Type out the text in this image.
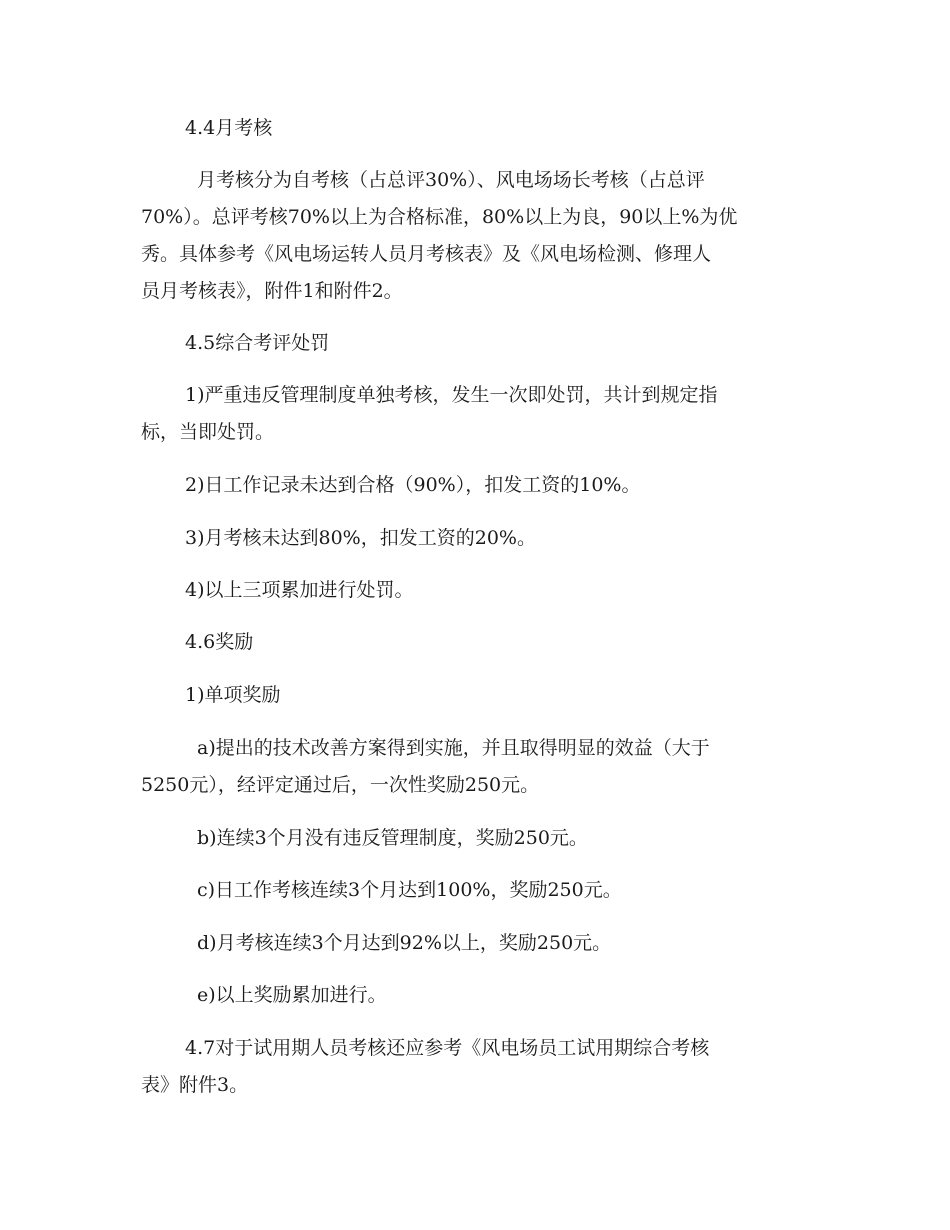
4.4月考核

月考核分为自考核（占总评30%）、风电场场长考核（占总评

70%）。总评考核70%以上为合格标准，80%以上为良，90以上%为优

秀。具体参考《风电场运转人员月考核表》及《风电场检测、修理人

员月考核表》，附件1和附件2。

4.5综合考评处罚

1)严重违反管理制度单独考核，发生一次即处罚，共计到规定指

标，当即处罚。

2)日工作记录未达到合格（90%），扣发工资的10%。

3)月考核未达到80%，扣发工资的20%。

4)以上三项累加进行处罚。

4.6奖励

1)单项奖励

a)提出的技术改善方案得到实施，并且取得明显的效益（大于

5250元），经评定通过后，一次性奖励250元。

b)连续3个月没有违反管理制度，奖励250元。

c)日工作考核连续3个月达到100%，奖励250元。

d)月考核连续3个月达到92%以上，奖励250元。

e)以上奖励累加进行。

4.7对于试用期人员考核还应参考《风电场员工试用期综合考核

表》附件3。
